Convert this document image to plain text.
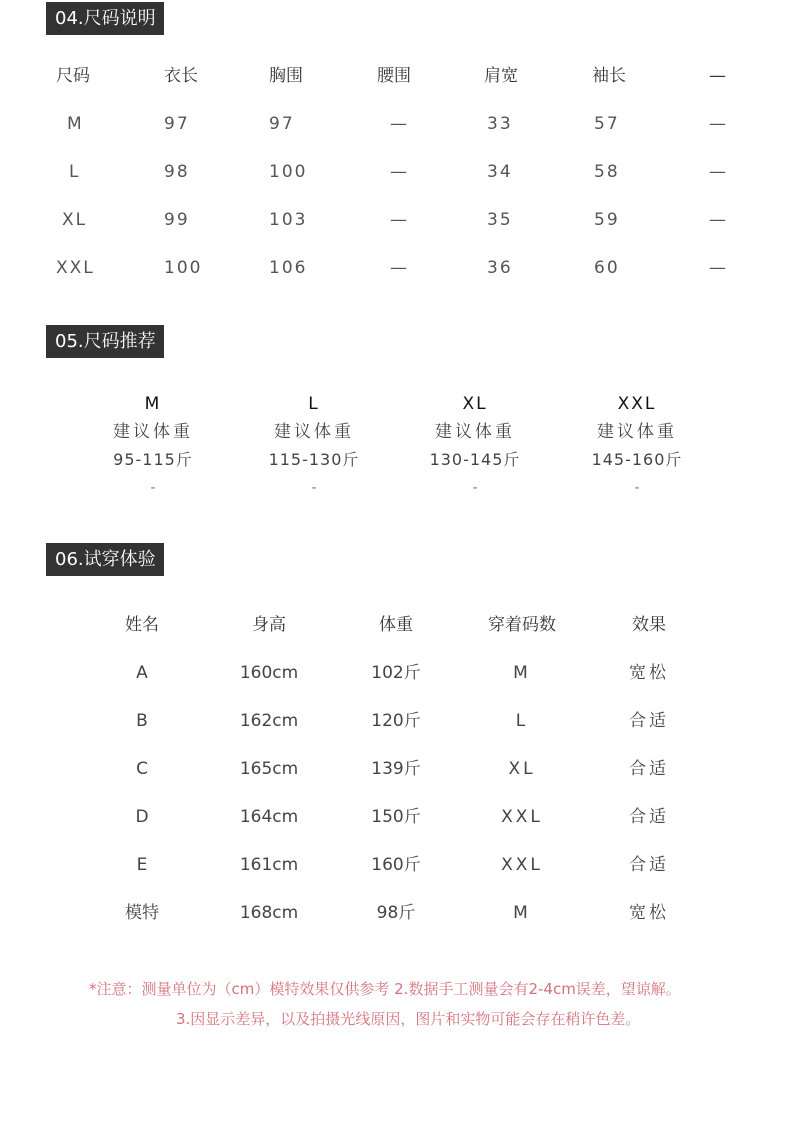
04.尺码说明
尺码	衣长	胸围	腰围	肩宽	袖长	—
M	97	97	—	33	57	—
L	98	100	—	34	58	—
XL	99	103	—	35	59	—
XXL	100	106	—	36	60	—
05.尺码推荐
M
建议体重
95-115斤
-
L
建议体重
115-130斤
-
XL
建议体重
130-145斤
-
XXL
建议体重
145-160斤
-
06.试穿体验
姓名	身高	体重	穿着码数	效果
A	160cm	102斤	M	宽松
B	162cm	120斤	L	合适
C	165cm	139斤	XL	合适
D	164cm	150斤	XXL	合适
E	161cm	160斤	XXL	合适
模特	168cm	98斤	M	宽松
*注意：测量单位为（cm）模特效果仅供参考 2.数据手工测量会有2-4cm误差，望谅解。
3.因显示差异，以及拍摄光线原因，图片和实物可能会存在稍许色差。
